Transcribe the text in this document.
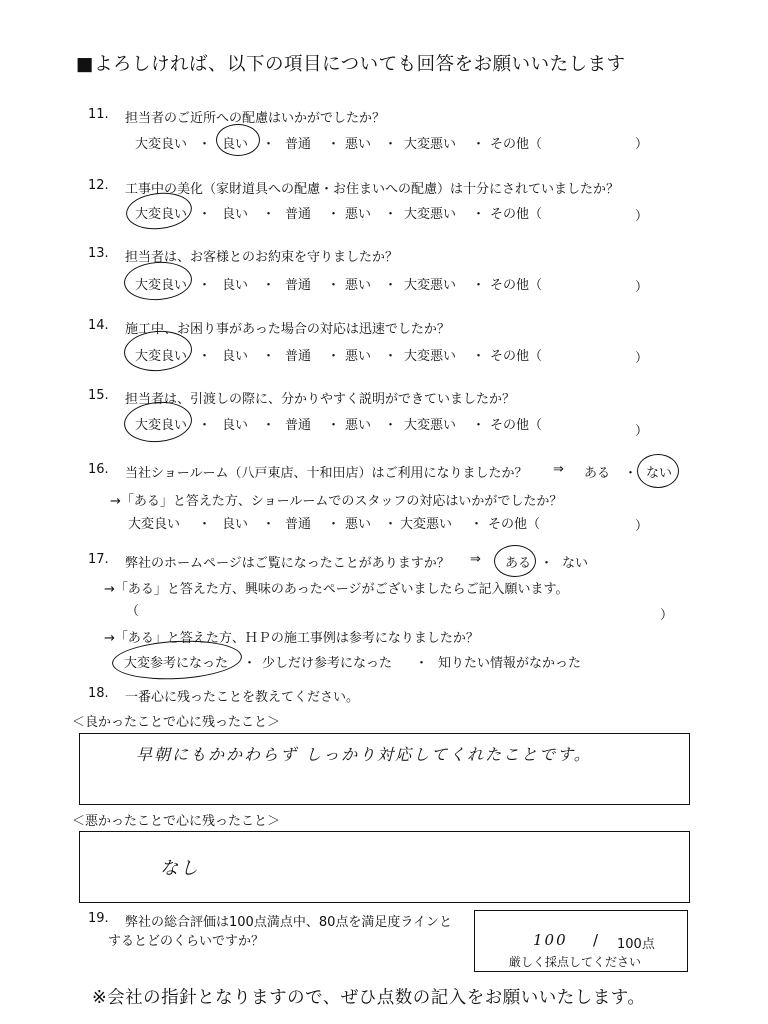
■よろしければ、以下の項目についても回答をお願いいたします
11. 担当者のご近所への配慮はいかがでしたか？
大変良い ・ 良い ・ 普通 ・ 悪い ・ 大変悪い ・ その他（	）
12. 工事中の美化（家財道具への配慮・お住まいへの配慮）は十分にされていましたか？
大変良い ・ 良い ・ 普通 ・ 悪い ・ 大変悪い ・ その他（	）
13. 担当者は、お客様とのお約束を守りましたか？
大変良い ・ 良い ・ 普通 ・ 悪い ・ 大変悪い ・ その他（	）
14. 施工中、お困り事があった場合の対応は迅速でしたか？
大変良い ・ 良い ・ 普通 ・ 悪い ・ 大変悪い ・ その他（	）
15. 担当者は、引渡しの際に、分かりやすく説明ができていましたか？
大変良い ・ 良い ・ 普通 ・ 悪い ・ 大変悪い ・ その他（	）
16. 当社ショールーム（八戸東店、十和田店）はご利用になりましたか？ ⇒ ある ・ ない
→「ある」と答えた方、ショールームでのスタッフの対応はいかがでしたか？
大変良い ・ 良い ・ 普通 ・ 悪い ・ 大変悪い ・ その他（	）
17. 弊社のホームページはご覧になったことがありますか？ ⇒ ある ・ ない
→「ある」と答えた方、興味のあったページがございましたらご記入願います。
（	）
→「ある」と答えた方、ＨＰの施工事例は参考になりましたか？
大変参考になった ・ 少しだけ参考になった ・ 知りたい情報がなかった
18. 一番心に残ったことを教えてください。
＜良かったことで心に残ったこと＞
早朝にもかかわらず しっかり対応してくれたことです。
＜悪かったことで心に残ったこと＞
なし
19. 弊社の総合評価は100点満点中、80点を満足度ラインと
するとどのくらいですか？	100 / 100点
厳しく採点してください
※会社の指針となりますので、ぜひ点数の記入をお願いいたします。
